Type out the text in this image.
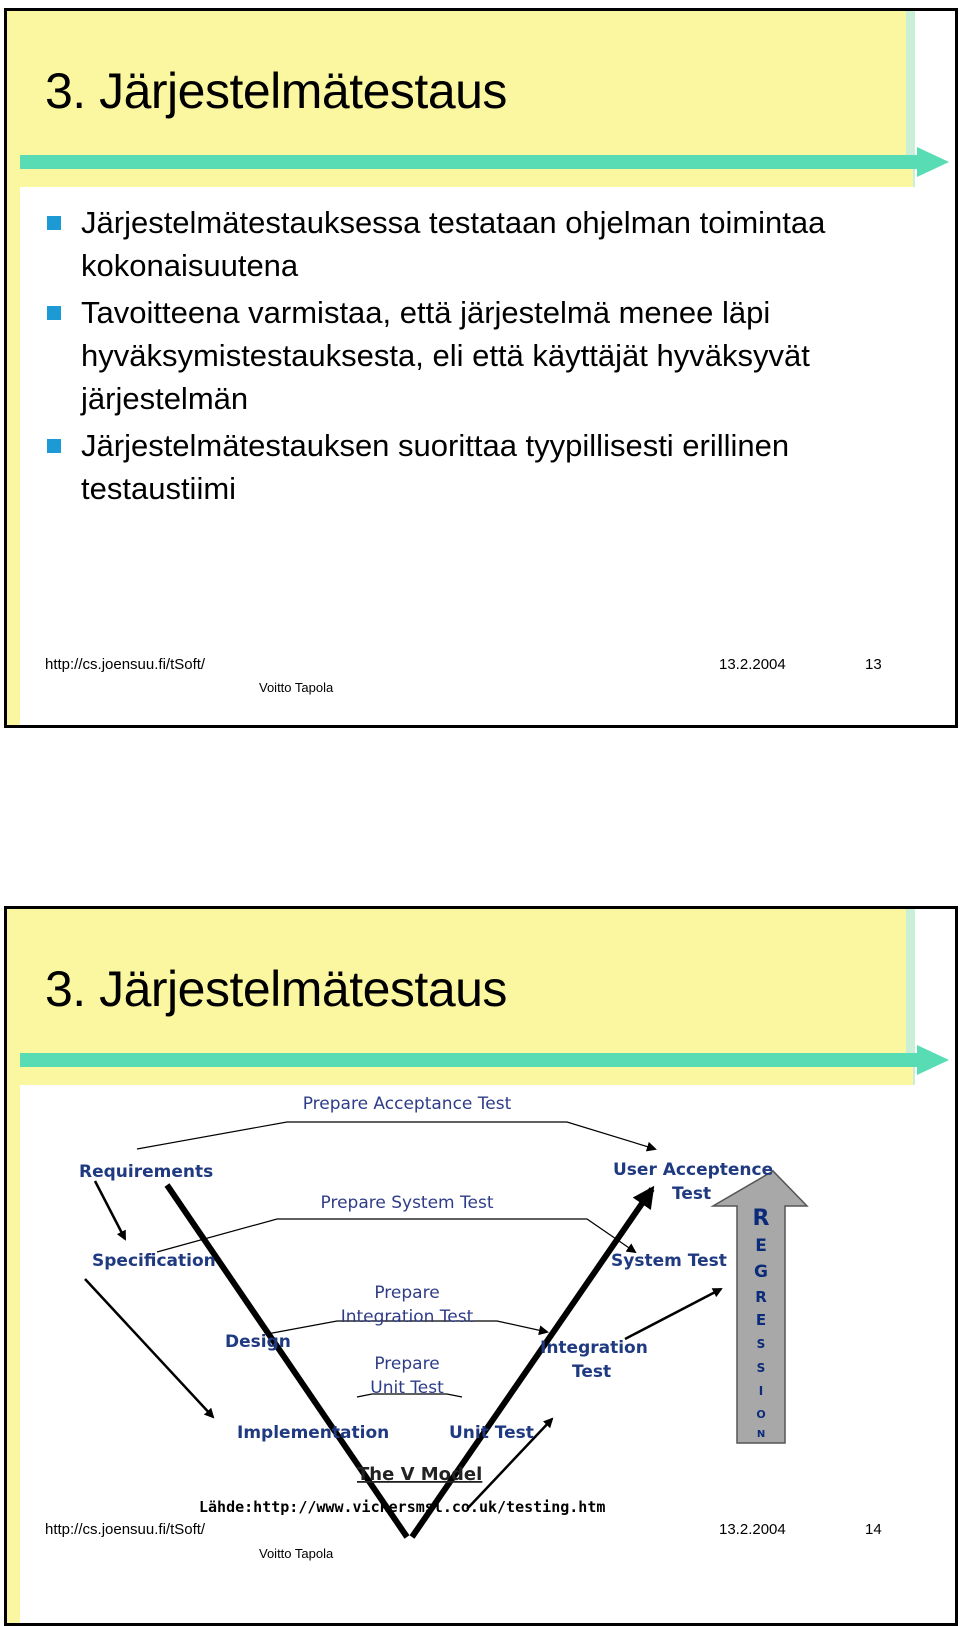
3. Järjestelmätestaus
Järjestelmätestauksessa testataan ohjelman toimintaa kokonaisuutena
Tavoitteena varmistaa, että järjestelmä menee läpi hyväksymistestauksesta, eli että käyttäjät hyväksyvät järjestelmän
Järjestelmätestauksen suorittaa tyypillisesti erillinen testaustiimi
http://cs.joensuu.fi/tSoft/
Voitto Tapola
13.2.2004	13
3. Järjestelmätestaus
Prepare Acceptance Test
Requirements	User Acceptence
Test
Prepare System Test
Specification	System Test
Prepare
Integration Test
Design	Integration
Test
Prepare
Unit Test
Implementation	Unit Test
R
E
G
R
E
S
S
I
O
N
The V Model
Lähde:http://www.vickersmsl.co.uk/testing.htm
http://cs.joensuu.fi/tSoft/
Voitto Tapola
13.2.2004	14
